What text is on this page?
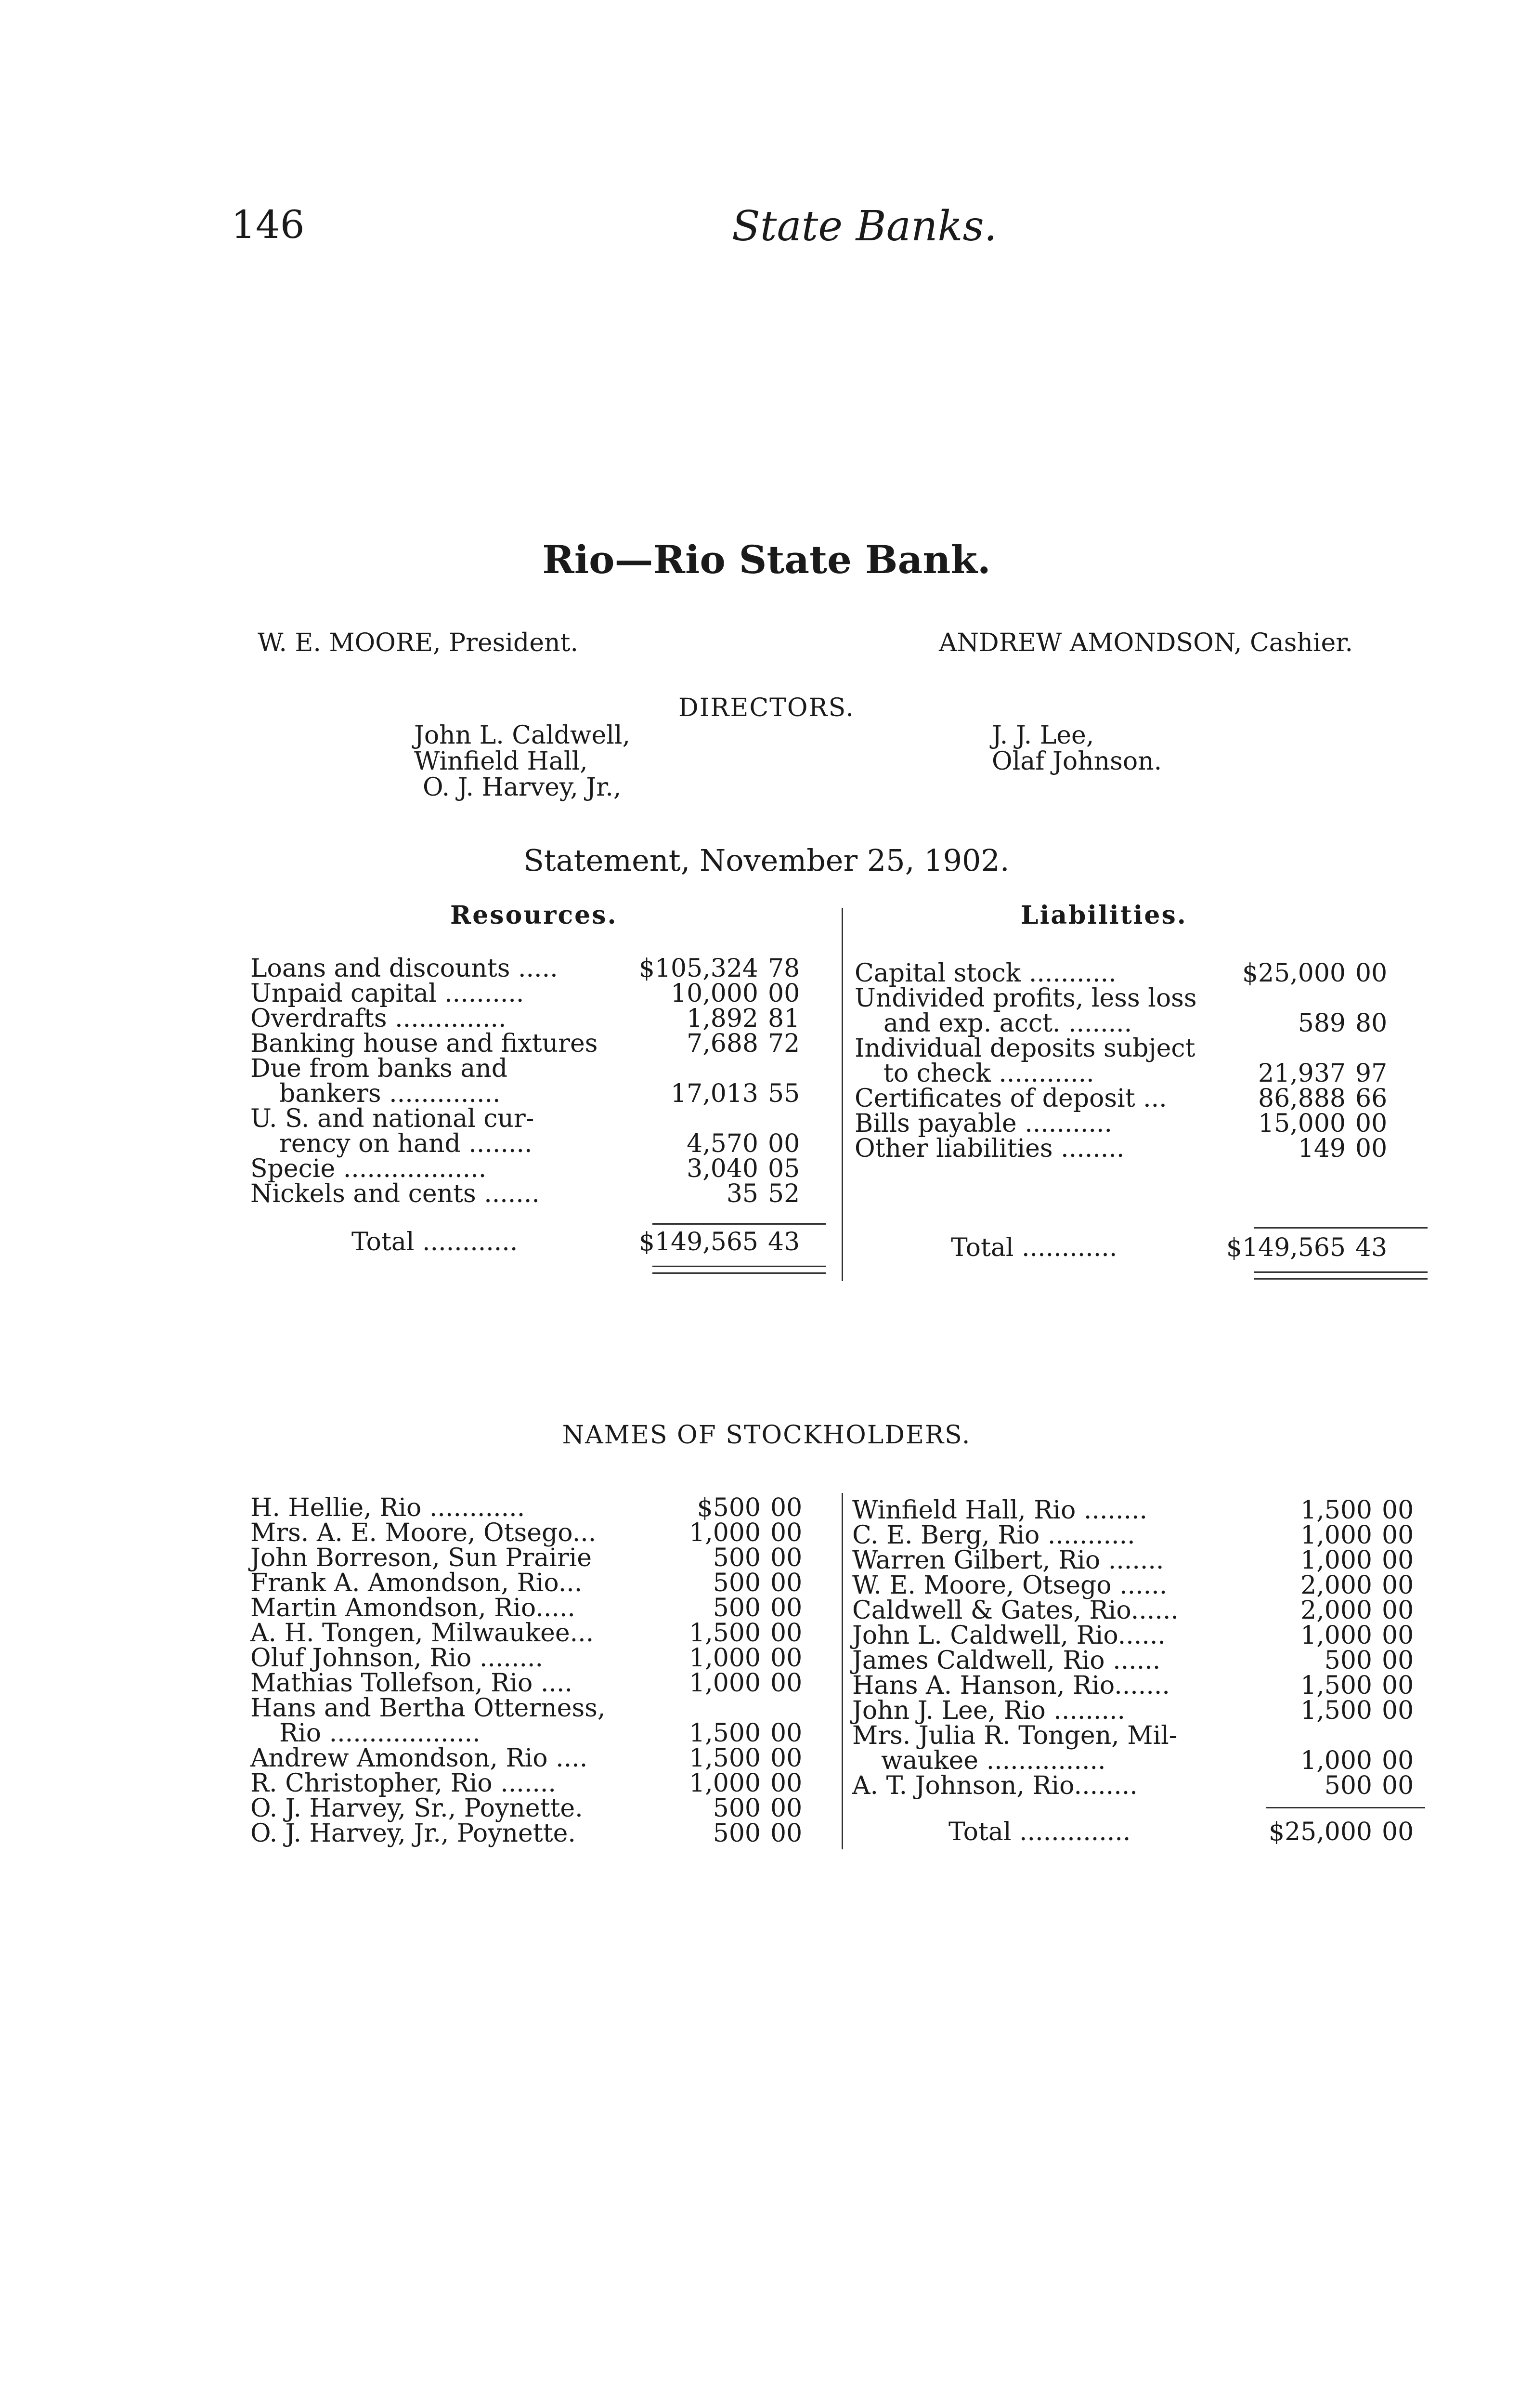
146	State Banks.
Rio—Rio State Bank.
W. E. MOORE, President.	ANDREW AMONDSON, Cashier.
DIRECTORS.
John L. Caldwell,
Winfield Hall,
O. J. Harvey, Jr.,
J. J. Lee,
Olaf Johnson.
Statement, November 25, 1902.
Resources.	Liabilities.
Loans and discounts .....	$105,324 78
Unpaid capital ..........	10,000 00
Overdrafts ..............	1,892 81
Banking house and fixtures	7,688 72
Due from banks and
bankers ..............	17,013 55
U. S. and national cur-
rency on hand ........	4,570 00
Specie ..................	3,040 05
Nickels and cents .......	35 52
Total ............	$149,565 43
Capital stock ...........	$25,000 00
Undivided profits, less loss
and exp. acct. ........	589 80
Individual deposits subject
to check ............	21,937 97
Certificates of deposit ...	86,888 66
Bills payable ...........	15,000 00
Other liabilities ........	149 00
Total ............	$149,565 43
NAMES OF STOCKHOLDERS.
H. Hellie, Rio ............	$500 00
Mrs. A. E. Moore, Otsego...	1,000 00
John Borreson, Sun Prairie	500 00
Frank A. Amondson, Rio...	500 00
Martin Amondson, Rio.....	500 00
A. H. Tongen, Milwaukee...	1,500 00
Oluf Johnson, Rio ........	1,000 00
Mathias Tollefson, Rio ....	1,000 00
Hans and Bertha Otterness,
Rio ...................	1,500 00
Andrew Amondson, Rio ....	1,500 00
R. Christopher, Rio .......	1,000 00
O. J. Harvey, Sr., Poynette.	500 00
O. J. Harvey, Jr., Poynette.	500 00
Winfield Hall, Rio ........	1,500 00
C. E. Berg, Rio ...........	1,000 00
Warren Gilbert, Rio .......	1,000 00
W. E. Moore, Otsego ......	2,000 00
Caldwell & Gates, Rio......	2,000 00
John L. Caldwell, Rio......	1,000 00
James Caldwell, Rio ......	500 00
Hans A. Hanson, Rio.......	1,500 00
John J. Lee, Rio .........	1,500 00
Mrs. Julia R. Tongen, Mil-
waukee ...............	1,000 00
A. T. Johnson, Rio........	500 00
Total ..............	$25,000 00
